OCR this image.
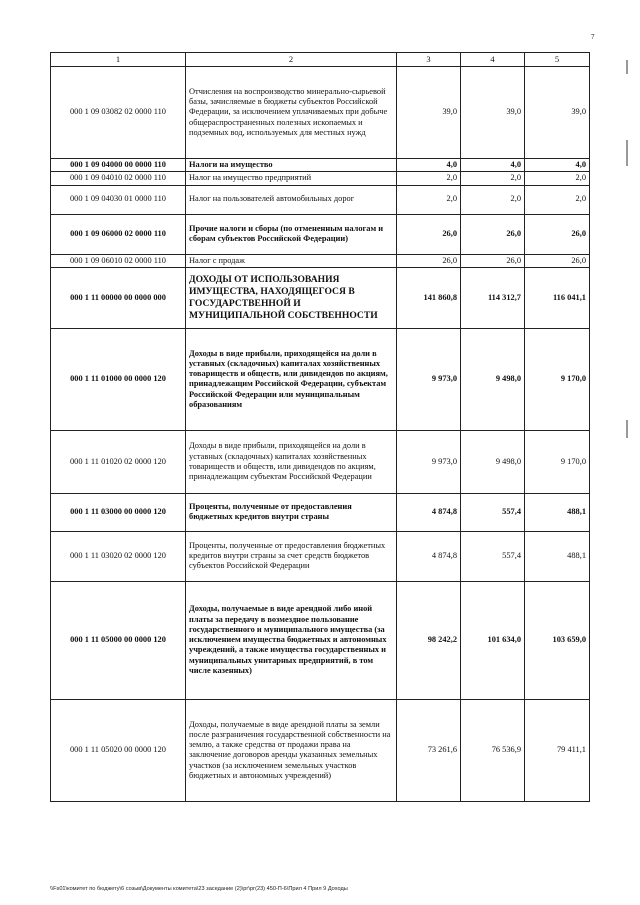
7
1	2	3	4	5
000 1 09 03082 02 0000 110	Отчисления на воспроизводство минерально-сырьевой базы, зачисляемые в бюджеты субъектов Российской Федерации, за исключением уплачиваемых при добыче общераспространенных полезных ископаемых и подземных вод, используемых для местных нужд	39,0	39,0	39,0
000 1 09 04000 00 0000 110	Налоги на имущество	4,0	4,0	4,0
000 1 09 04010 02 0000 110	Налог на имущество предприятий	2,0	2,0	2,0
000 1 09 04030 01 0000 110	Налог на пользователей автомобильных дорог	2,0	2,0	2,0
000 1 09 06000 02 0000 110	Прочие налоги и сборы (по отмененным налогам и сборам субъектов Российской Федерации)	26,0	26,0	26,0
000 1 09 06010 02 0000 110	Налог с продаж	26,0	26,0	26,0
000 1 11 00000 00 0000 000	ДОХОДЫ ОТ ИСПОЛЬЗОВАНИЯ ИМУЩЕСТВА, НАХОДЯЩЕГОСЯ В ГОСУДАРСТВЕННОЙ И МУНИЦИПАЛЬНОЙ СОБСТВЕННОСТИ	141 860,8	114 312,7	116 041,1
000 1 11 01000 00 0000 120	Доходы в виде прибыли, приходящейся на доли в уставных (складочных) капиталах хозяйственных товариществ и обществ, или дивидендов по акциям, принадлежащим Российской Федерации, субъектам Российской Федерации или муниципальным образованиям	9 973,0	9 498,0	9 170,0
000 1 11 01020 02 0000 120	Доходы в виде прибыли, приходящейся на доли в уставных (складочных) капиталах хозяйственных товариществ и обществ, или дивидендов по акциям, принадлежащим субъектам Российской Федерации	9 973,0	9 498,0	9 170,0
000 1 11 03000 00 0000 120	Проценты, полученные от предоставления бюджетных кредитов внутри страны	4 874,8	557,4	488,1
000 1 11 03020 02 0000 120	Проценты, полученные от предоставления бюджетных кредитов внутри страны за счет средств бюджетов субъектов Российской Федерации	4 874,8	557,4	488,1
000 1 11 05000 00 0000 120	Доходы, получаемые в виде арендной либо иной платы за передачу в возмездное пользование государственного и муниципального имущества (за исключением имущества бюджетных и автономных учреждений, а также имущества государственных и муниципальных унитарных предприятий, в том числе казенных)	98 242,2	101 634,0	103 659,0
000 1 11 05020 00 0000 120	Доходы, получаемые в виде арендной платы за земли после разграничения государственной собственности на землю, а также средства от продажи права на заключение договоров аренды указанных земельных участков (за исключением земельных участков бюджетных и автономных учреждений)	73 261,6	76 536,9	79 411,1
\\Fs01\комитет по бюджету\6 созыв\Документы комитета\23 заседание (2)\рг\рг(23) 450-П-6\Прил 4 Прил 9 Доходы
